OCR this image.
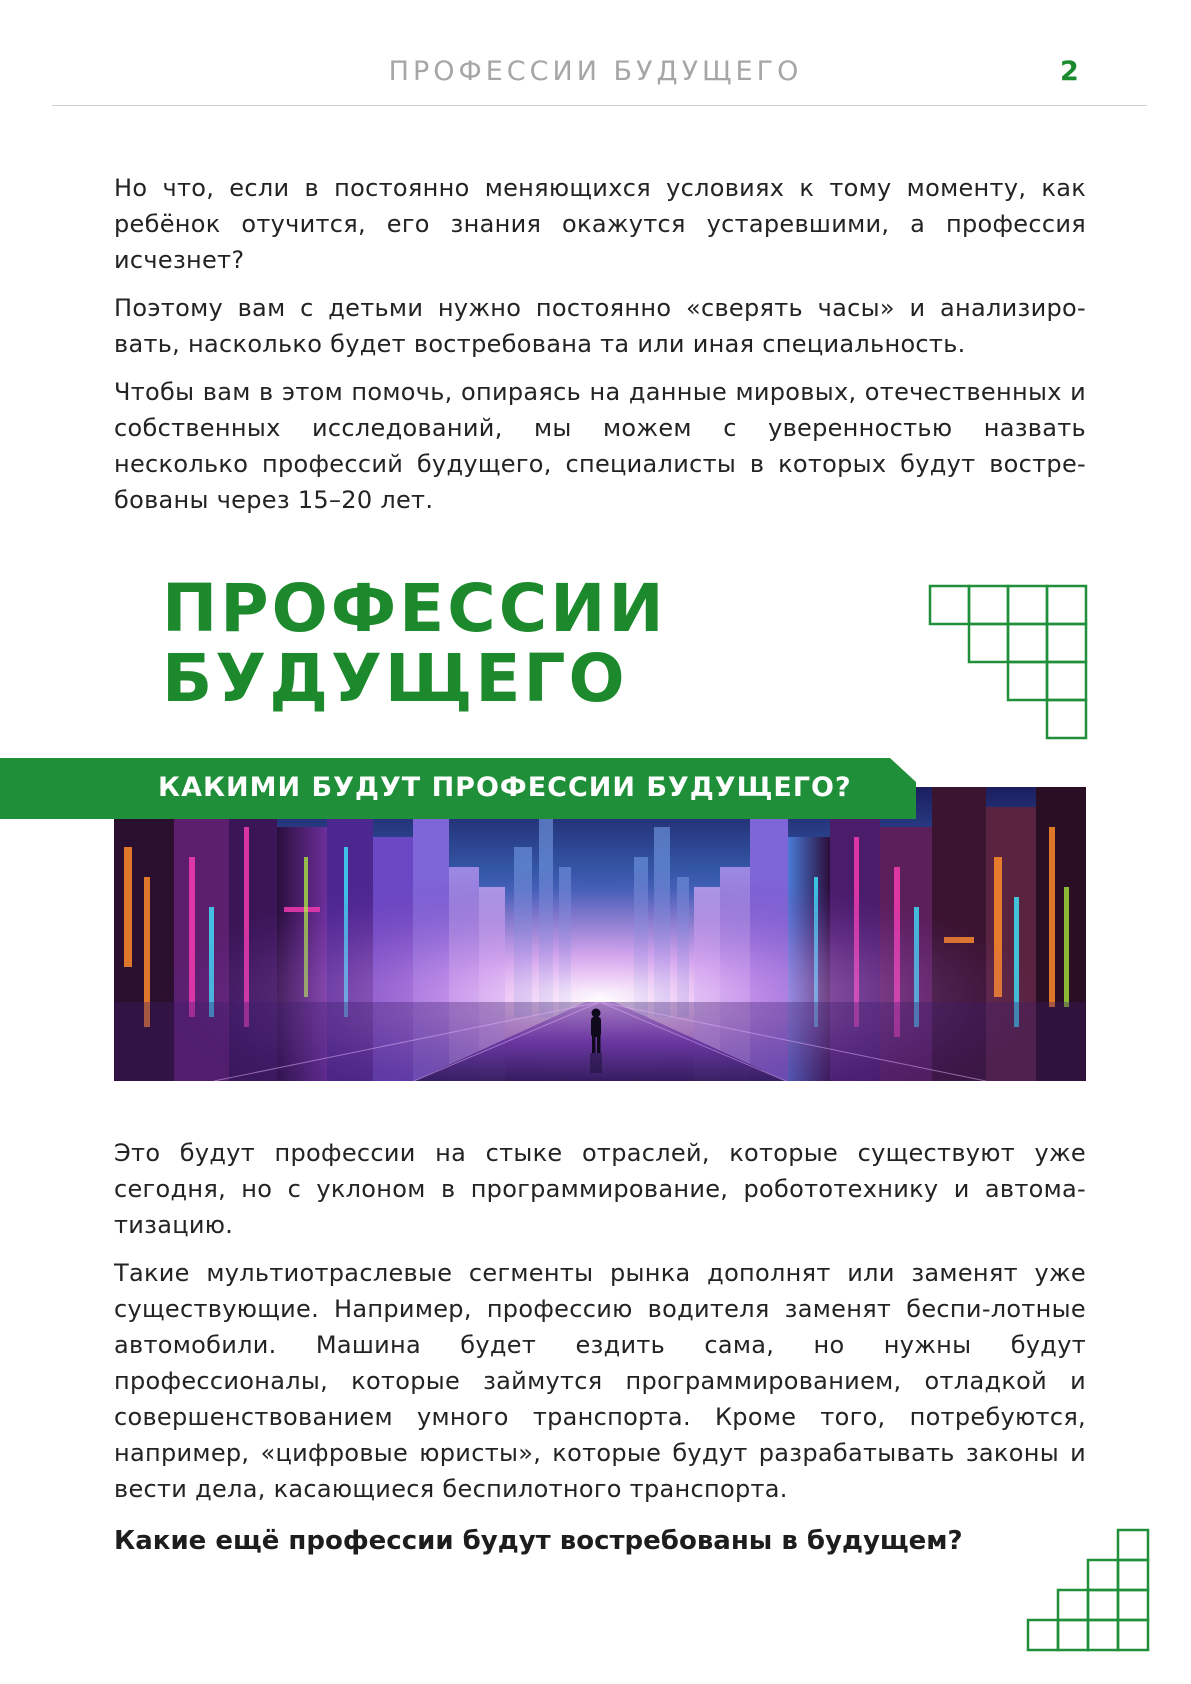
ПРОФЕССИИ БУДУЩЕГО	2

Но что, если в постоянно меняющихся условиях к тому моменту, как ребёнок отучится, его знания окажутся устаревшими, а профессия исчезнет?

Поэтому вам с детьми нужно постоянно «сверять часы» и анализиро-вать, насколько будет востребована та или иная специальность.

Чтобы вам в этом помочь, опираясь на данные мировых, отечественных и собственных исследований, мы можем с уверенностью назвать несколько профессий будущего, специалисты в которых будут востре-бованы через 15–20 лет.

ПРОФЕССИИ
БУДУЩЕГО
КАКИМИ БУДУТ ПРОФЕССИИ БУДУЩЕГО?

Это будут профессии на стыке отраслей, которые существуют уже сегодня, но с уклоном в программирование, робототехнику и автома-тизацию.

Такие мультиотраслевые сегменты рынка дополнят или заменят уже существующие. Например, профессию водителя заменят беспи-лотные автомобили. Машина будет ездить сама, но нужны будут профессионалы, которые займутся программированием, отладкой и совершенствованием умного транспорта. Кроме того, потребуются, например, «цифровые юристы», которые будут разрабатывать законы и вести дела, касающиеся беспилотного транспорта.

Какие ещё профессии будут востребованы в будущем?
